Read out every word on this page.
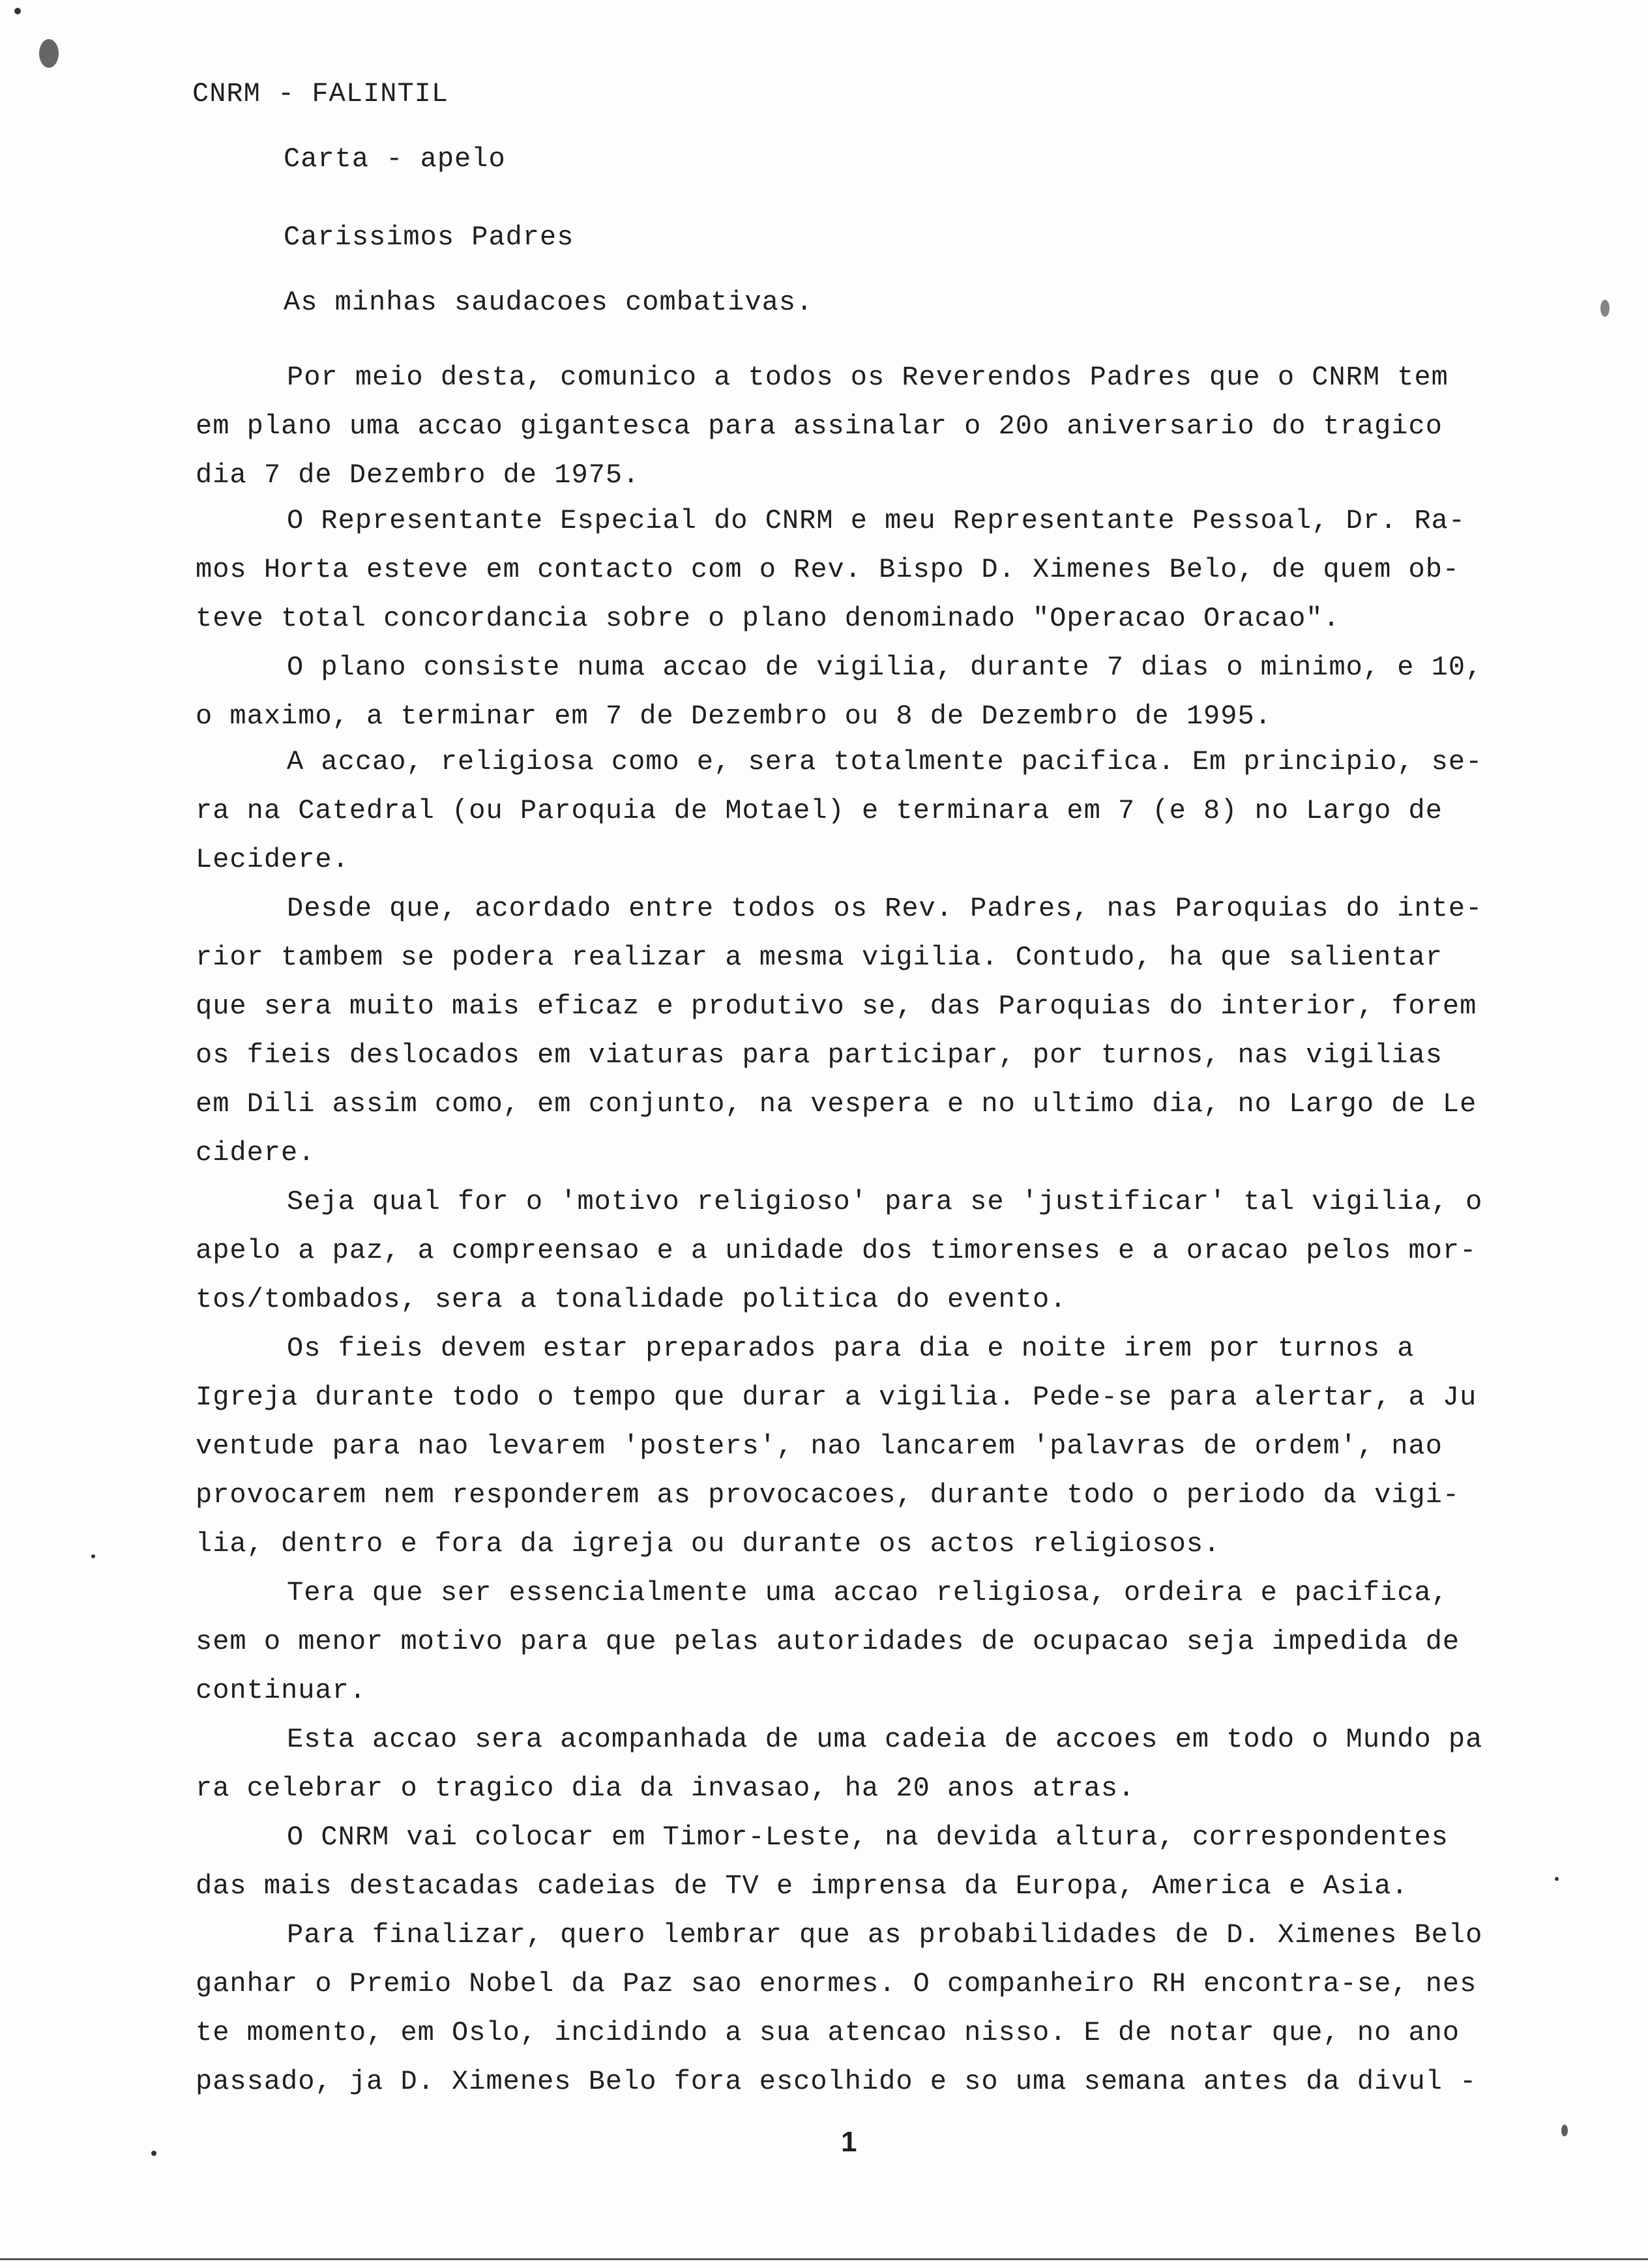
CNRM - FALINTIL
Carta - apelo
Carissimos Padres
As minhas saudacoes combativas.
Por meio desta, comunico a todos os Reverendos Padres que o CNRM tem
em plano uma accao gigantesca para assinalar o 20o aniversario do tragico
dia 7 de Dezembro de 1975.
O Representante Especial do CNRM e meu Representante Pessoal, Dr. Ra-
mos Horta esteve em contacto com o Rev. Bispo D. Ximenes Belo, de quem ob-
teve total concordancia sobre o plano denominado "Operacao Oracao".
O plano consiste numa accao de vigilia, durante 7 dias o minimo, e 10,
o maximo, a terminar em 7 de Dezembro ou 8 de Dezembro de 1995.
A accao, religiosa como e, sera totalmente pacifica. Em principio, se-
ra na Catedral (ou Paroquia de Motael) e terminara em 7 (e 8) no Largo de
Lecidere.
Desde que, acordado entre todos os Rev. Padres, nas Paroquias do inte-
rior tambem se podera realizar a mesma vigilia. Contudo, ha que salientar
que sera muito mais eficaz e produtivo se, das Paroquias do interior, forem
os fieis deslocados em viaturas para participar, por turnos, nas vigilias
em Dili assim como, em conjunto, na vespera e no ultimo dia, no Largo de Le
cidere.
Seja qual for o 'motivo religioso' para se 'justificar' tal vigilia, o
apelo a paz, a compreensao e a unidade dos timorenses e a oracao pelos mor-
tos/tombados, sera a tonalidade politica do evento.
Os fieis devem estar preparados para dia e noite irem por turnos a
Igreja durante todo o tempo que durar a vigilia. Pede-se para alertar, a Ju
ventude para nao levarem 'posters', nao lancarem 'palavras de ordem', nao
provocarem nem responderem as provocacoes, durante todo o periodo da vigi-
lia, dentro e fora da igreja ou durante os actos religiosos.
Tera que ser essencialmente uma accao religiosa, ordeira e pacifica,
sem o menor motivo para que pelas autoridades de ocupacao seja impedida de
continuar.
Esta accao sera acompanhada de uma cadeia de accoes em todo o Mundo pa
ra celebrar o tragico dia da invasao, ha 20 anos atras.
O CNRM vai colocar em Timor-Leste, na devida altura, correspondentes
das mais destacadas cadeias de TV e imprensa da Europa, America e Asia.
Para finalizar, quero lembrar que as probabilidades de D. Ximenes Belo
ganhar o Premio Nobel da Paz sao enormes. O companheiro RH encontra-se, nes
te momento, em Oslo, incidindo a sua atencao nisso. E de notar que, no ano
passado, ja D. Ximenes Belo fora escolhido e so uma semana antes da divul -
1
